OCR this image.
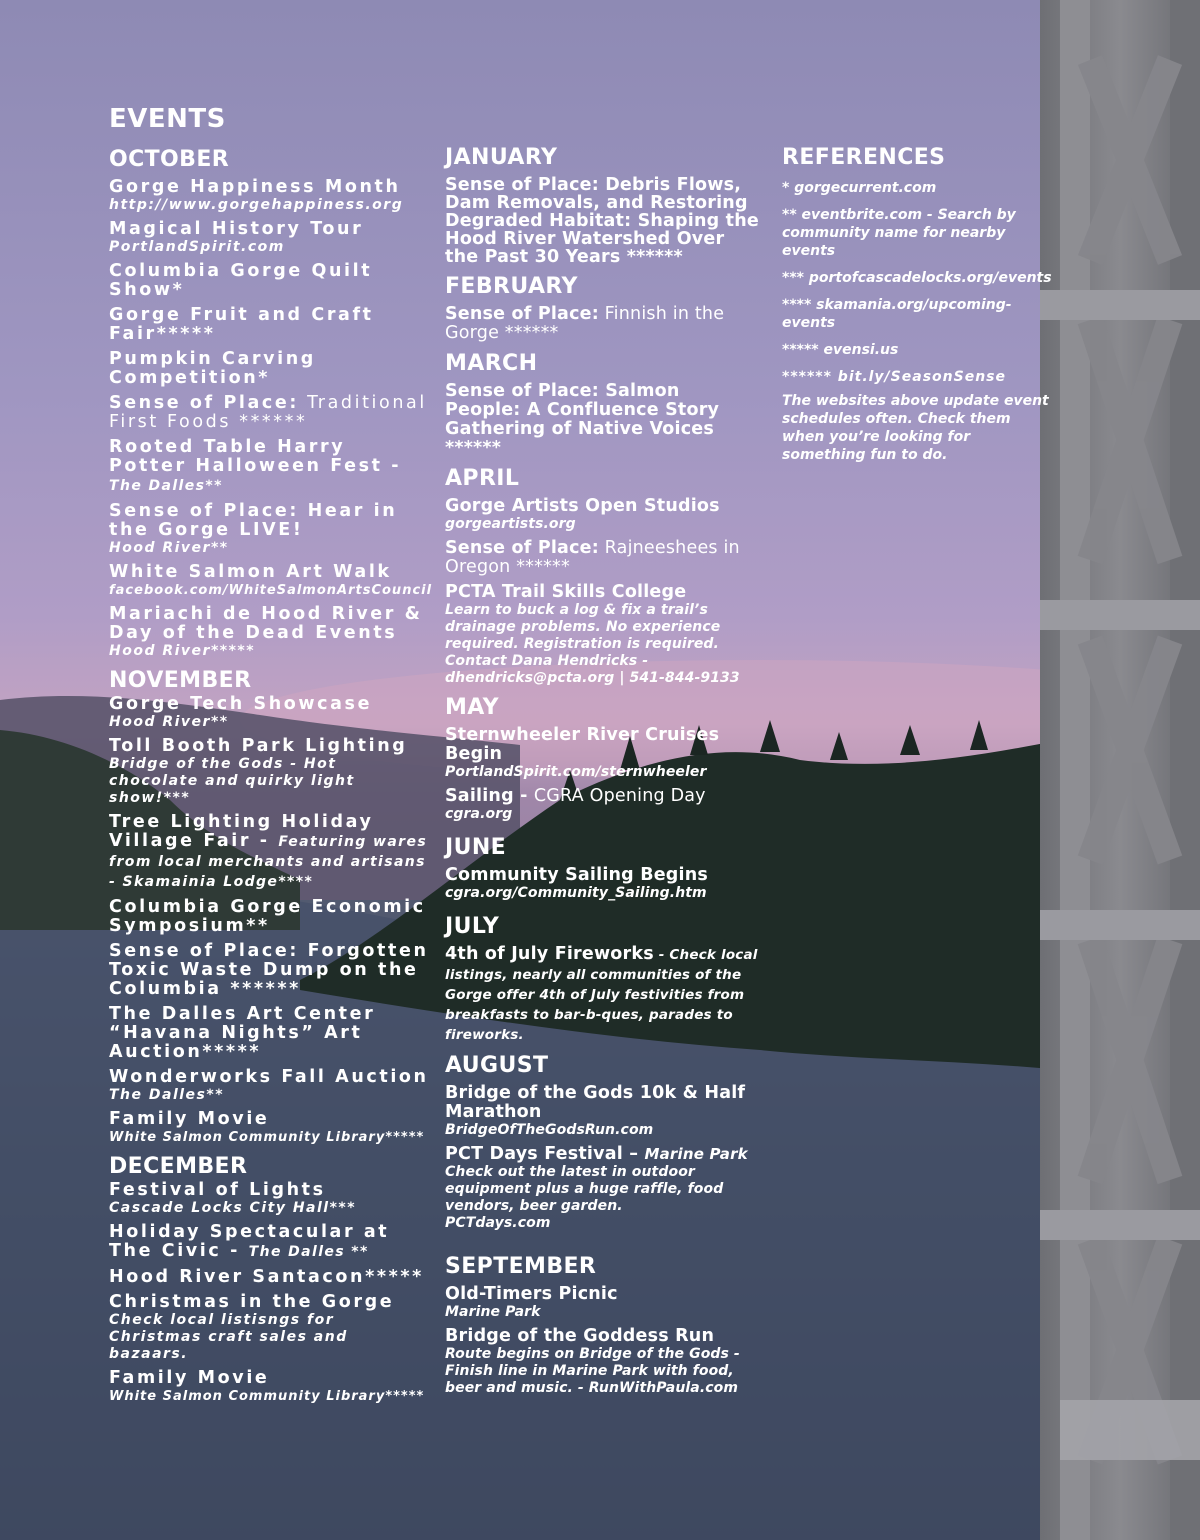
EVENTS
OCTOBER
Gorge Happiness Month
http://www.gorgehappiness.org
Magical History Tour
PortlandSpirit.com
Columbia Gorge Quilt Show*
Gorge Fruit and Craft Fair*****
Pumpkin Carving Competition*
Sense of Place: Traditional First Foods ******
Rooted Table Harry Potter Halloween Fest - The Dalles**
Sense of Place: Hear in the Gorge LIVE!
Hood River**
White Salmon Art Walk
facebook.com/WhiteSalmonArtsCouncil
Mariachi de Hood River & Day of the Dead Events
Hood River*****
NOVEMBER
Gorge Tech Showcase
Hood River**
Toll Booth Park Lighting
Bridge of the Gods - Hot chocolate and quirky light show!***
Tree Lighting Holiday Village Fair - Featuring wares from local merchants and artisans - Skamainia Lodge****
Columbia Gorge Economic Symposium**
Sense of Place: Forgotten Toxic Waste Dump on the Columbia ******
The Dalles Art Center “Havana Nights” Art Auction*****
Wonderworks Fall Auction
The Dalles**
Family Movie
White Salmon Community Library*****
DECEMBER
Festival of Lights
Cascade Locks City Hall***
Holiday Spectacular at The Civic - The Dalles **
Hood River Santacon*****
Christmas in the Gorge
Check local listisngs for Christmas craft sales and bazaars.
Family Movie
White Salmon Community Library*****
JANUARY
Sense of Place: Debris Flows, Dam Removals, and Restoring Degraded Habitat: Shaping the Hood River Watershed Over the Past 30 Years ******
FEBRUARY
Sense of Place: Finnish in the Gorge ******
MARCH
Sense of Place: Salmon People: A Confluence Story Gathering of Native Voices ******
APRIL
Gorge Artists Open Studios
gorgeartists.org
Sense of Place: Rajneeshees in Oregon ******
PCTA Trail Skills College
Learn to buck a log & fix a trail’s drainage problems. No experience required. Registration is required. Contact Dana Hendricks - dhendricks@pcta.org | 541-844-9133
MAY
Sternwheeler River Cruises Begin
PortlandSpirit.com/sternwheeler
Sailing - CGRA Opening Day
cgra.org
JUNE
Community Sailing Begins
cgra.org/Community_Sailing.htm
JULY
4th of July Fireworks - Check local listings, nearly all communities of the Gorge offer 4th of July festivities from breakfasts to bar-b-ques, parades to fireworks.
AUGUST
Bridge of the Gods 10k & Half Marathon
BridgeOfTheGodsRun.com
PCT Days Festival – Marine Park
Check out the latest in outdoor equipment plus a huge raffle, food vendors, beer garden.         PCTdays.com
SEPTEMBER
Old-Timers Picnic
Marine Park
Bridge of the Goddess Run
Route begins on Bridge of the Gods - Finish line in Marine Park with food, beer and music. - RunWithPaula.com
REFERENCES
* gorgecurrent.com
** eventbrite.com - Search by community name for nearby events
*** portofcascadelocks.org/events
**** skamania.org/upcoming-events
***** evensi.us
****** bit.ly/SeasonSense
The websites above update event schedules often. Check them when you’re looking for something fun to do.
